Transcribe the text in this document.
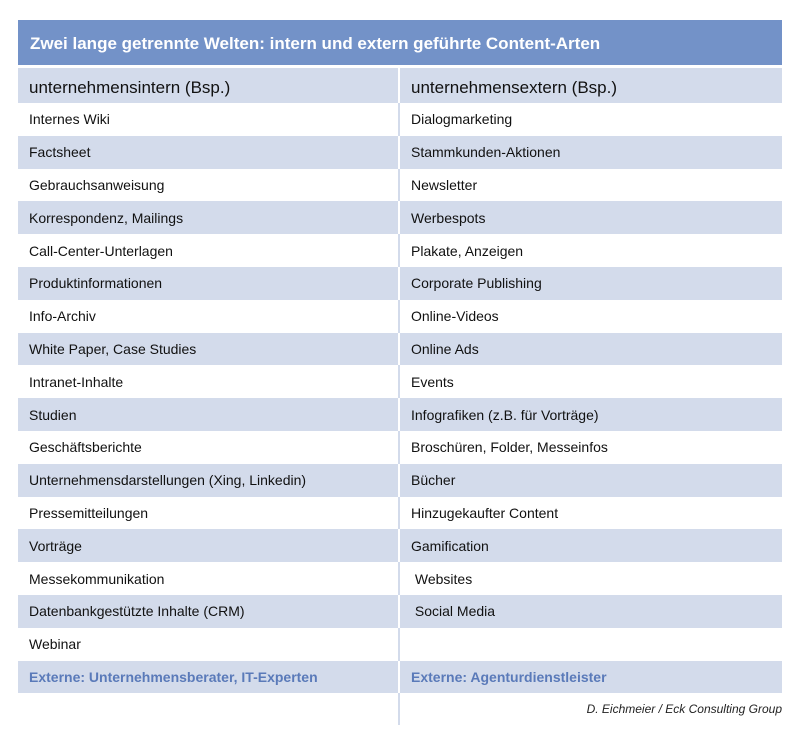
Zwei lange getrennte Welten: intern und extern geführte Content-Arten
unternehmensintern (Bsp.)	unternehmensextern (Bsp.)
Internes Wiki	Dialogmarketing
Factsheet	Stammkunden-Aktionen
Gebrauchsanweisung	Newsletter
Korrespondenz, Mailings	Werbespots
Call-Center-Unterlagen	Plakate, Anzeigen
Produktinformationen	Corporate Publishing
Info-Archiv	Online-Videos
White Paper, Case Studies	Online Ads
Intranet-Inhalte	Events
Studien	Infografiken (z.B. für Vorträge)
Geschäftsberichte	Broschüren, Folder, Messeinfos
Unternehmensdarstellungen (Xing, Linkedin)	Bücher
Pressemitteilungen	Hinzugekaufter Content
Vorträge	Gamification
Messekommunikation	Websites
Datenbankgestützte Inhalte (CRM)	Social Media
Webinar
Externe: Unternehmensberater, IT-Experten	Externe: Agenturdienstleister
D. Eichmeier / Eck Consulting Group
